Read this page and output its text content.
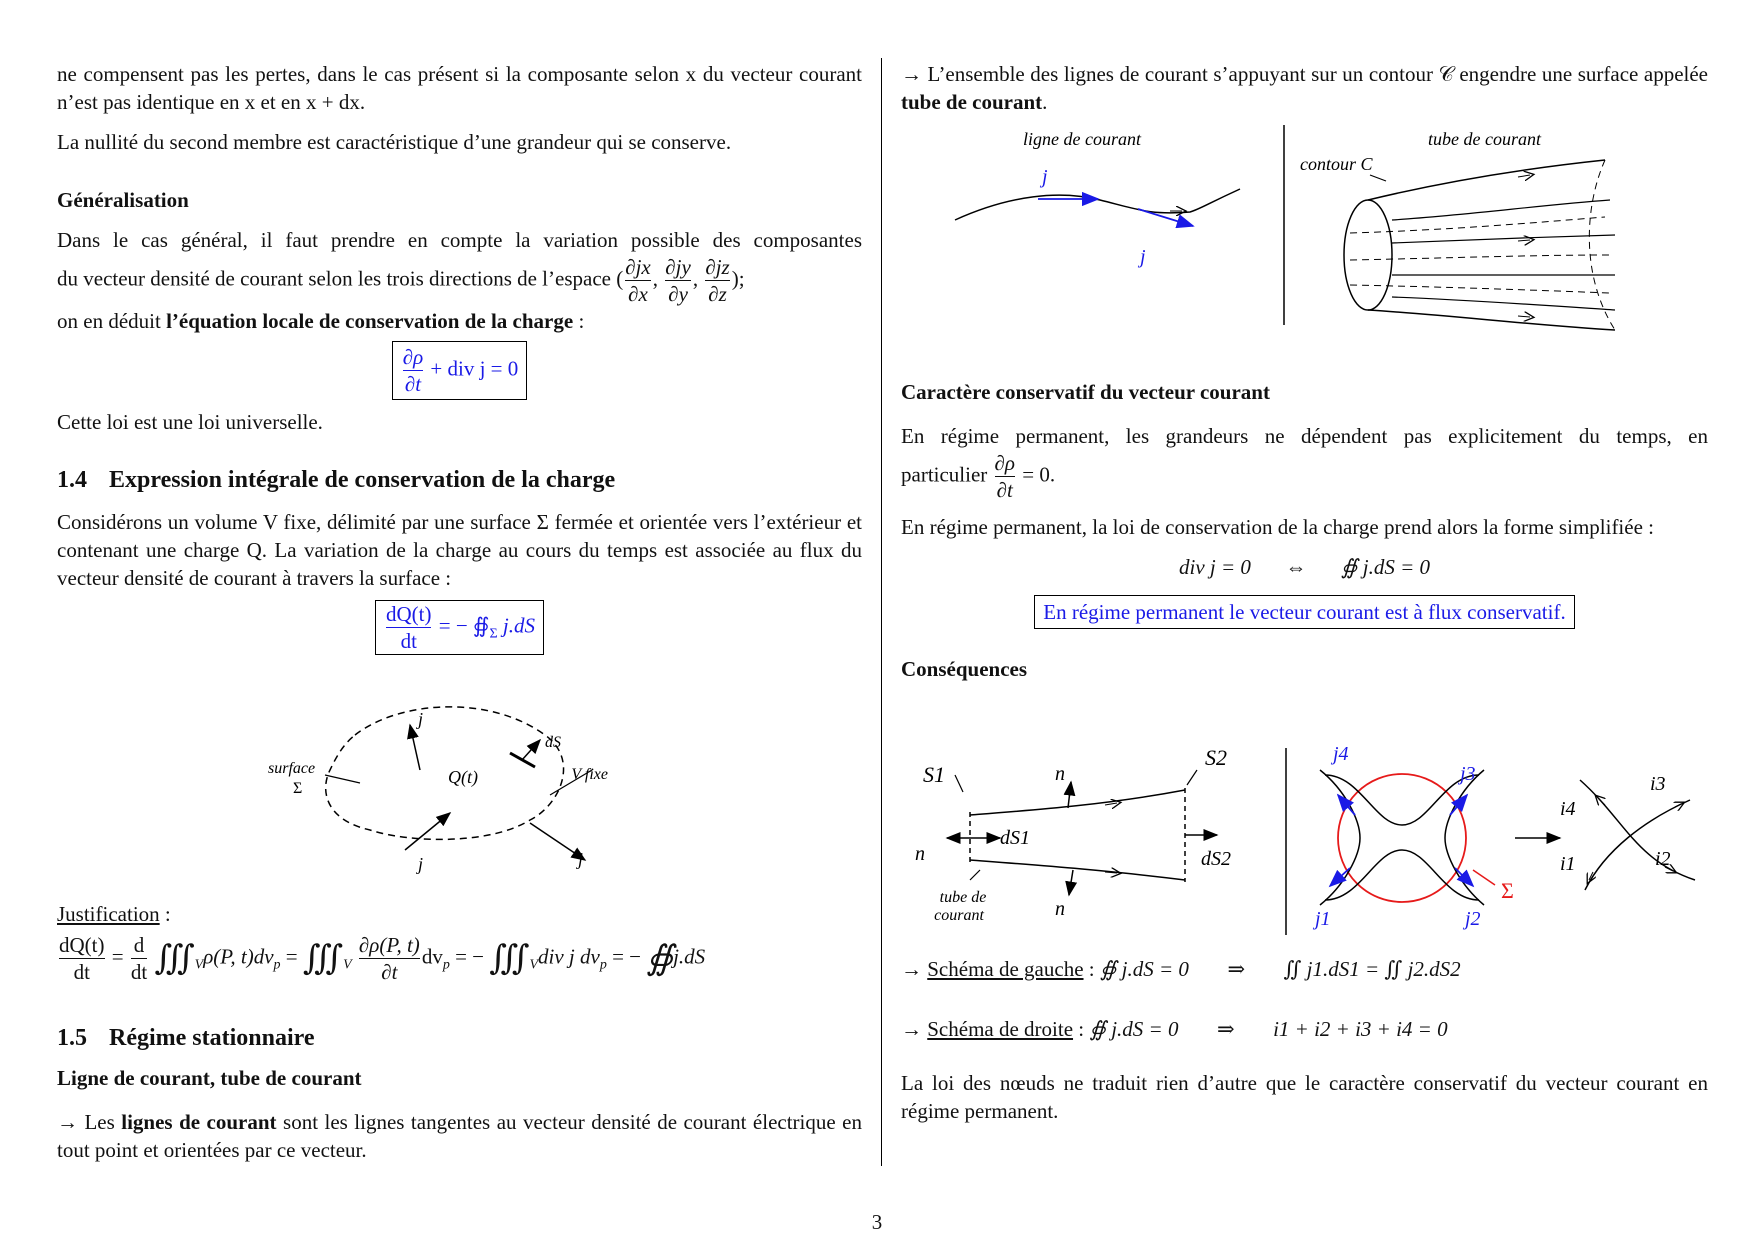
ne compensent pas les pertes, dans le cas présent si la composante selon x du vecteur courant n’est pas identique en x et en x + dx.

La nullité du second membre est caractéristique d’une grandeur qui se conserve.

Généralisation
Dans le cas général, il faut prendre en compte la variation possible des composantes
du vecteur densité de courant selon les trois directions de l’espace ( $\frac{\partial jx}{\partial x}$ , $\frac{\partial jy}{\partial y}$ , $\frac{\partial jz}{\partial z}$ );
on en déduit l’équation locale de conservation de la charge :
$\frac{\partial\rho}{\partial t}$ + div j = 0

Cette loi est une loi universelle.

1.4 Expression intégrale de conservation de la charge

Considérons un volume V fixe, délimité par une surface Σ fermée et orientée vers l’extérieur et contenant une charge Q. La variation de la charge au cours du temps est associée au flux du vecteur densité de courant à travers la surface :

$\frac{dQ(t)}{dt}$ = − $∯_\Sigma$ j.dS
surface
Σ
Q(t)	V fixe
j
dS
j	j
Justification :
$\frac{dQ(t)}{dt} = \frac{d}{dt}$ ∭ $_V$ρ(P, $t)dv_p$ = ∭ $_V \frac{\partial\rho(P, t)}{\partial t} dv_p$ = − ∭ $_V$div j $dv_p$ = − ∯ j.dS
1.5 Régime stationnaire
Ligne de courant, tube de courant

→ Les lignes de courant sont les lignes tangentes au vecteur densité de courant électrique en tout point et orientées par ce vecteur.

→ L’ensemble des lignes de courant s’appuyant sur un contour 𝒞 engendre une surface appelée tube de courant.

ligne de courant
j
j
tube de courant
contour C
Caractère conservatif du vecteur courant
En régime permanent, les grandeurs ne dépendent pas explicitement du temps, en
particulier $\frac{\partial\rho}{\partial t} = 0$.

En régime permanent, la loi de conservation de la charge prend alors la forme simplifiée :

div j = 0 ⇔ ∯ j.dS = 0
En régime permanent le vecteur courant est à flux conservatif.
Conséquences
S1
S2
n
n
n
dS1
dS2
tube de
courant
j4
j3
j1	j2
Σ
i4
i3
i1	i2
→ Schéma de gauche : ∯ j.dS = 0 ⇒ ∬ j1.dS1 = ∬ j2.dS2
→ Schéma de droite : ∯ j.dS = 0 ⇒ i1 + i2 + i3 + i4 = 0

La loi des nœuds ne traduit rien d’autre que le caractère conservatif du vecteur courant en régime permanent.

3
